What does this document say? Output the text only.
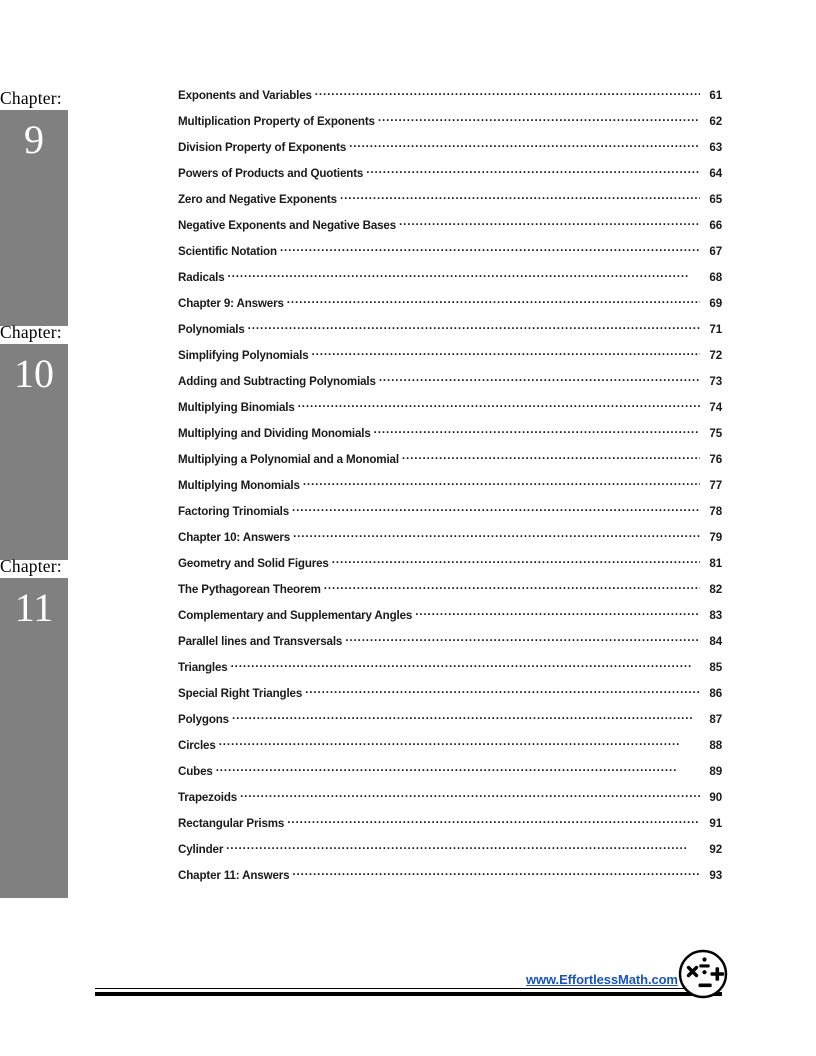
Chapter:
9
Exponents and Variables .....	61
Multiplication Property of Exponents .....	62
Division Property of Exponents .....	63
Powers of Products and Quotients .....	64
Zero and Negative Exponents .....	65
Negative Exponents and Negative Bases .....	66
Scientific Notation .....	67
Radicals .....	68
Chapter 9: Answers .....	69
Chapter:
10
Polynomials .....	71
Simplifying Polynomials .....	72
Adding and Subtracting Polynomials .....	73
Multiplying Binomials .....	74
Multiplying and Dividing Monomials .....	75
Multiplying a Polynomial and a Monomial .....	76
Multiplying Monomials .....	77
Factoring Trinomials .....	78
Chapter 10: Answers .....	79
Chapter:
11
Geometry and Solid Figures .....	81
The Pythagorean Theorem .....	82
Complementary and Supplementary Angles .....	83
Parallel lines and Transversals .....	84
Triangles .....	85
Special Right Triangles .....	86
Polygons .....	87
Circles .....	88
Cubes .....	89
Trapezoids .....	90
Rectangular Prisms .....	91
Cylinder .....	92
Chapter 11: Answers .....	93
www.EffortlessMath.com
